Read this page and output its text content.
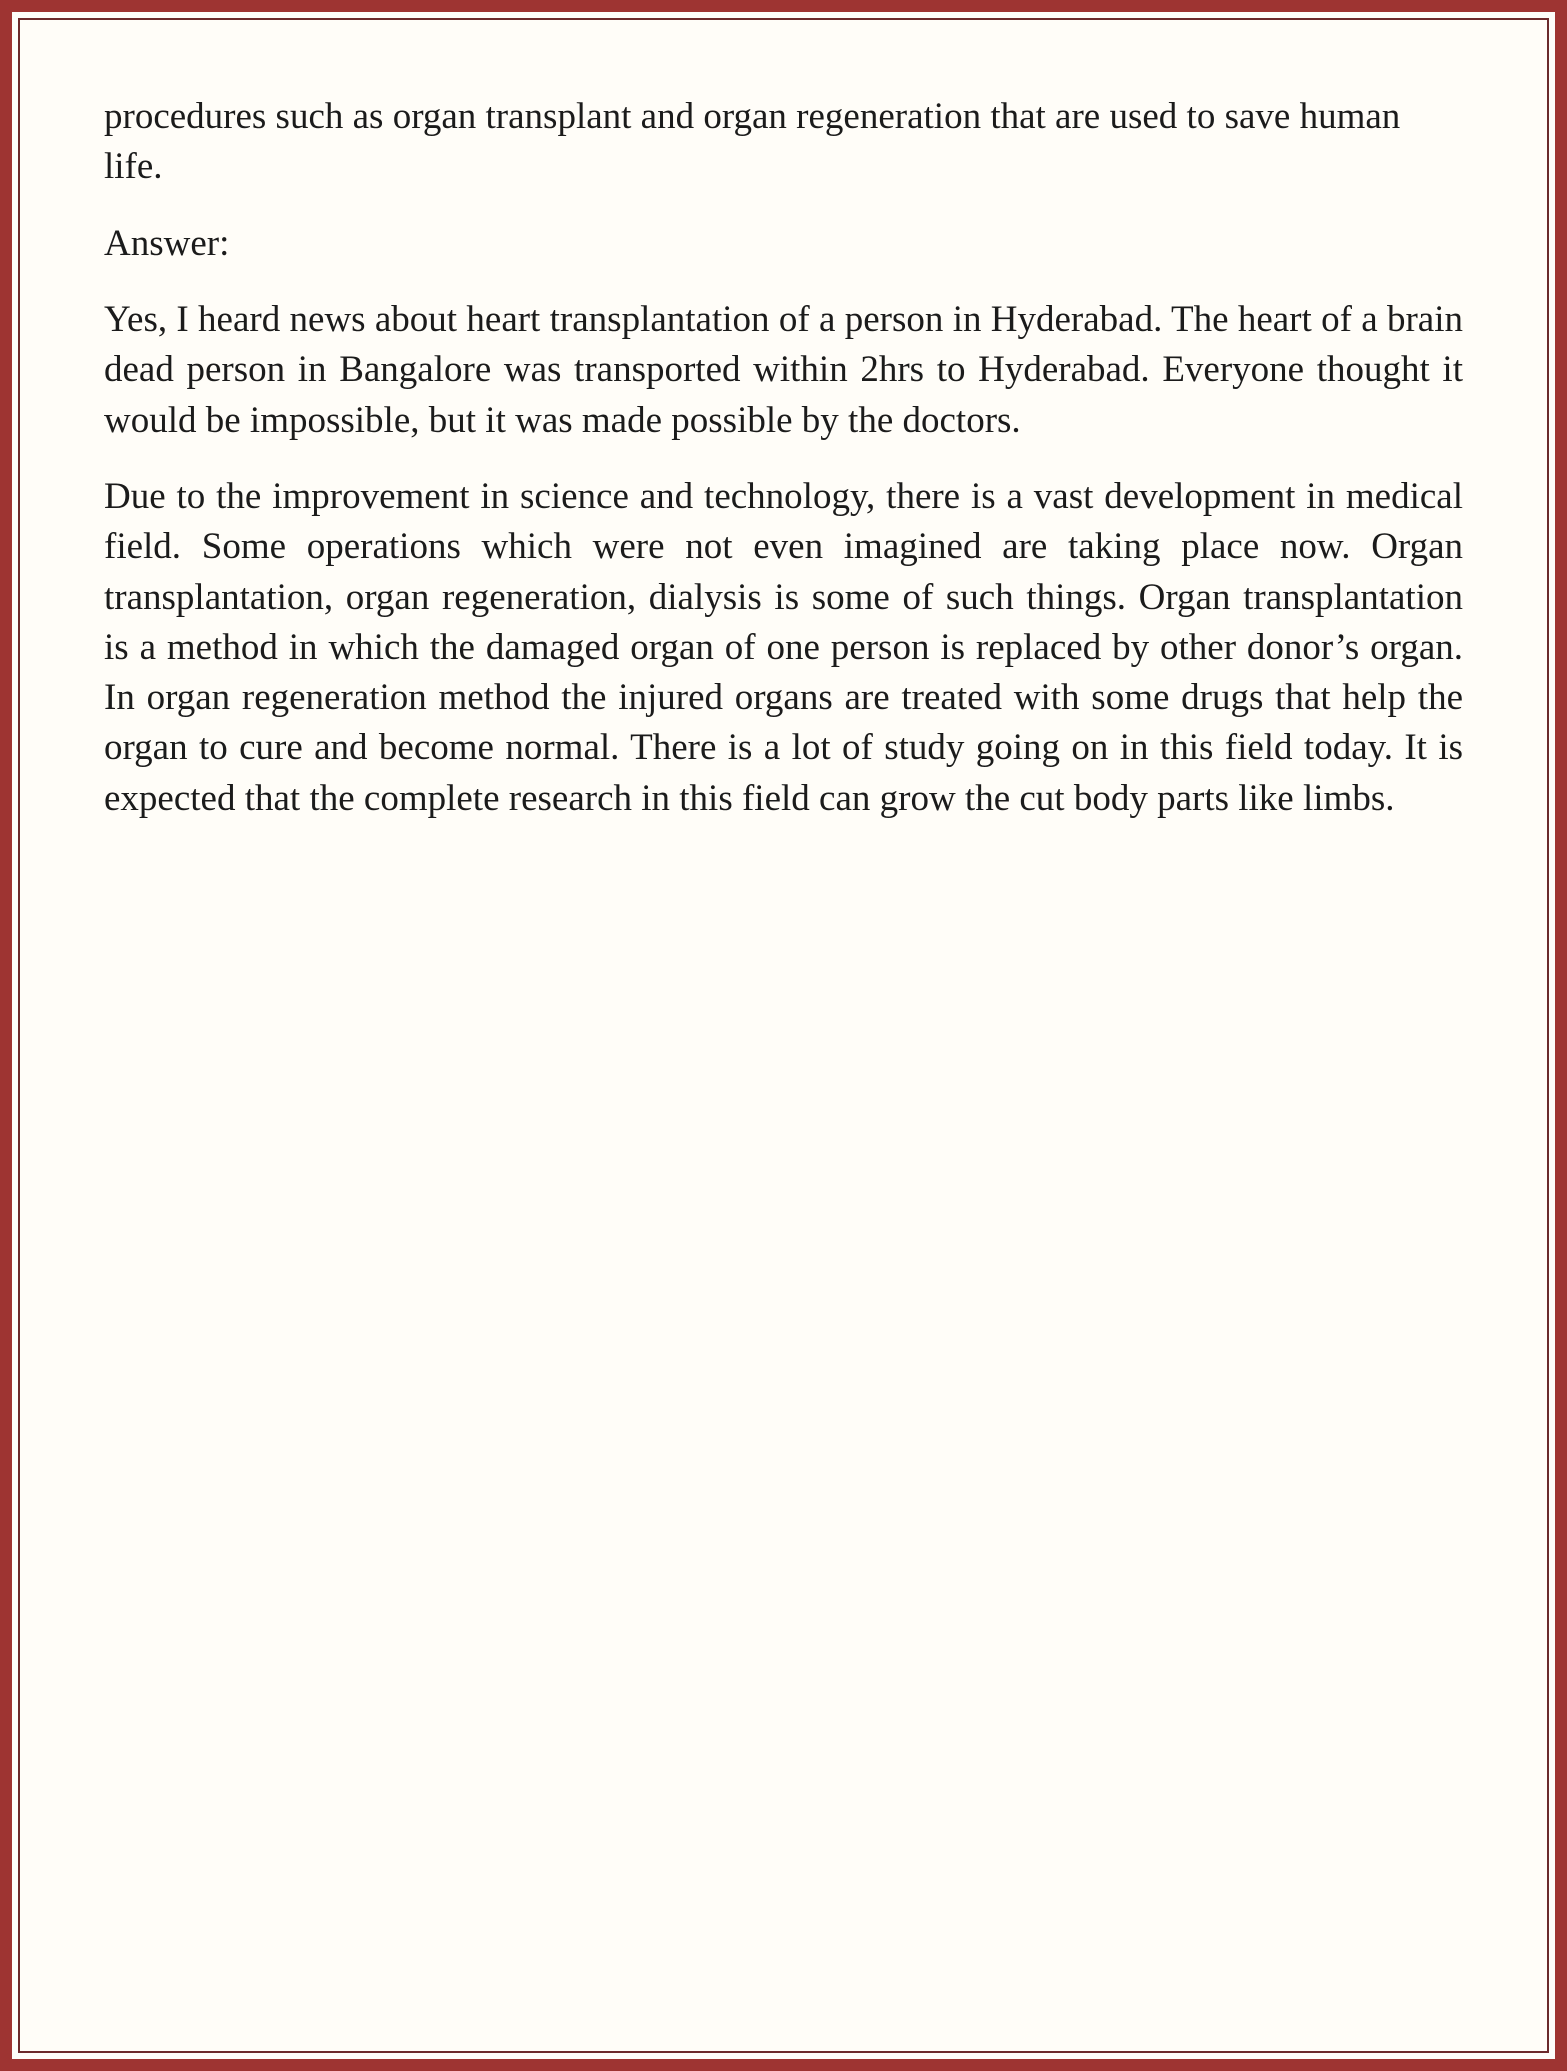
procedures such as organ transplant and organ regeneration that are used to save human life.

Answer:

Yes, I heard news about heart transplantation of a person in Hyderabad. The heart of a brain dead person in Bangalore was transported within 2hrs to Hyderabad. Everyone thought it would be impossible, but it was made possible by the doctors.

Due to the improvement in science and technology, there is a vast development in medical field. Some operations which were not even imagined are taking place now. Organ transplantation, organ regeneration, dialysis is some of such things. Organ transplantation is a method in which the damaged organ of one person is replaced by other donor’s organ. In organ regeneration method the injured organs are treated with some drugs that help the organ to cure and become normal. There is a lot of study going on in this field today. It is expected that the complete research in this field can grow the cut body parts like limbs.
